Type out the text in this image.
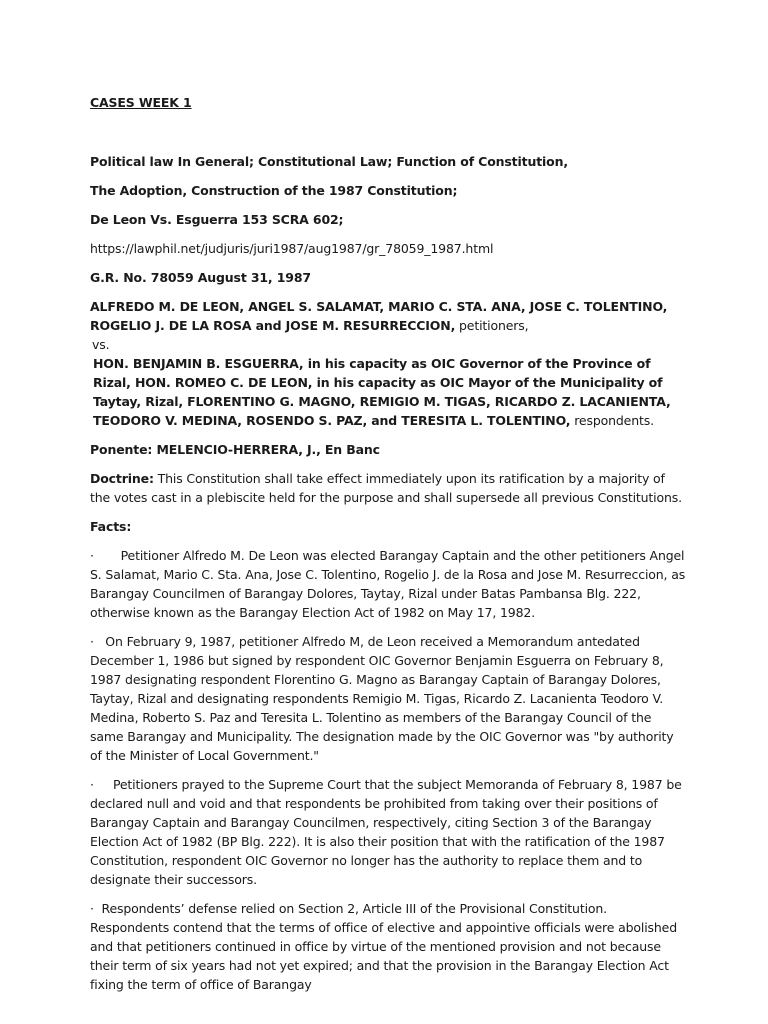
CASES WEEK 1

Political law In General; Constitutional Law; Function of Constitution,

The Adoption, Construction of the 1987 Constitution;

De Leon Vs. Esguerra 153 SCRA 602;

https://lawphil.net/judjuris/juri1987/aug1987/gr_78059_1987.html

G.R. No. 78059 August 31, 1987

ALFREDO M. DE LEON, ANGEL S. SALAMAT, MARIO C. STA. ANA, JOSE C. TOLENTINO, ROGELIO J. DE LA ROSA and JOSE M. RESURRECCION, petitioners,

vs.

HON. BENJAMIN B. ESGUERRA, in his capacity as OIC Governor of the Province of Rizal, HON. ROMEO C. DE LEON, in his capacity as OIC Mayor of the Municipality of Taytay, Rizal, FLORENTINO G. MAGNO, REMIGIO M. TIGAS, RICARDO Z. LACANIENTA, TEODORO V. MEDINA, ROSENDO S. PAZ, and TERESITA L. TOLENTINO, respondents.

Ponente: MELENCIO-HERRERA, J., En Banc

Doctrine: This Constitution shall take effect immediately upon its ratification by a majority of the votes cast in a plebiscite held for the purpose and shall supersede all previous Constitutions.

Facts:

·       Petitioner Alfredo M. De Leon was elected Barangay Captain and the other petitioners Angel S. Salamat, Mario C. Sta. Ana, Jose C. Tolentino, Rogelio J. de la Rosa and Jose M. Resurreccion, as Barangay Councilmen of Barangay Dolores, Taytay, Rizal under Batas Pambansa Blg. 222, otherwise known as the Barangay Election Act of 1982 on May 17, 1982.

·   On February 9, 1987, petitioner Alfredo M, de Leon received a Memorandum antedated December 1, 1986 but signed by respondent OIC Governor Benjamin Esguerra on February 8, 1987 designating respondent Florentino G. Magno as Barangay Captain of Barangay Dolores, Taytay, Rizal and designating respondents Remigio M. Tigas, Ricardo Z. Lacanienta Teodoro V. Medina, Roberto S. Paz and Teresita L. Tolentino as members of the Barangay Council of the same Barangay and Municipality. The designation made by the OIC Governor was "by authority of the Minister of Local Government."

·     Petitioners prayed to the Supreme Court that the subject Memoranda of February 8, 1987 be declared null and void and that respondents be prohibited from taking over their positions of Barangay Captain and Barangay Councilmen, respectively, citing Section 3 of the Barangay Election Act of 1982 (BP Blg. 222). It is also their position that with the ratification of the 1987 Constitution, respondent OIC Governor no longer has the authority to replace them and to designate their successors.

·  Respondents’ defense relied on Section 2, Article III of the Provisional Constitution. Respondents contend that the terms of office of elective and appointive officials were abolished and that petitioners continued in office by virtue of the mentioned provision and not because their term of six years had not yet expired; and that the provision in the Barangay Election Act fixing the term of office of Barangay
